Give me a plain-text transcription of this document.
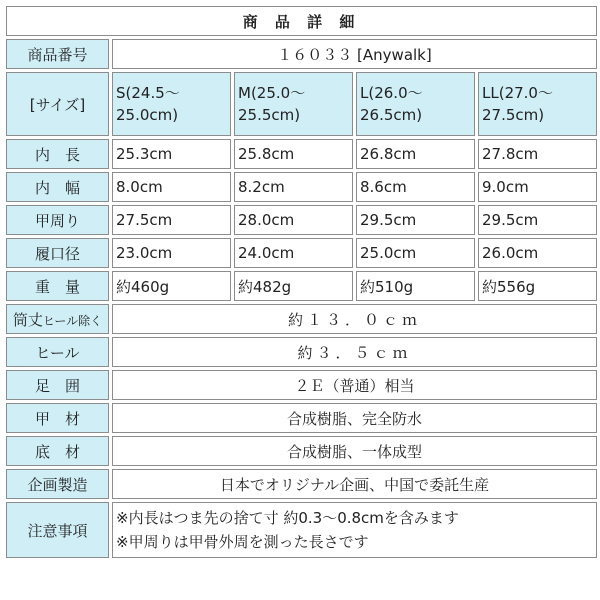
商 品 詳 細				
商品番号	１６０３３ [Anywalk]			
[サイズ]	S(24.5～ 25.0cm)	M(25.0～ 25.5cm)	L(26.0～ 26.5cm)	LL(27.0～ 27.5cm)
内　長	25.3cm	25.8cm	26.8cm	27.8cm
内　幅	8.0cm	8.2cm	8.6cm	9.0cm
甲周り	27.5cm	28.0cm	29.5cm	29.5cm
履口径	23.0cm	24.0cm	25.0cm	26.0cm
重　量	約460g	約482g	約510g	約556g
筒丈ヒール除く	約１３．０ｃｍ			
ヒール	約３．５ｃｍ			
足　囲	２Ｅ（普通）相当			
甲　材	合成樹脂、完全防水			
底　材	合成樹脂、一体成型			
企画製造	日本でオリジナル企画、中国で委託生産			
注意事項	※内長はつま先の捨て寸 約0.3～0.8cmを含みます
※甲周りは甲骨外周を測った長さです			
